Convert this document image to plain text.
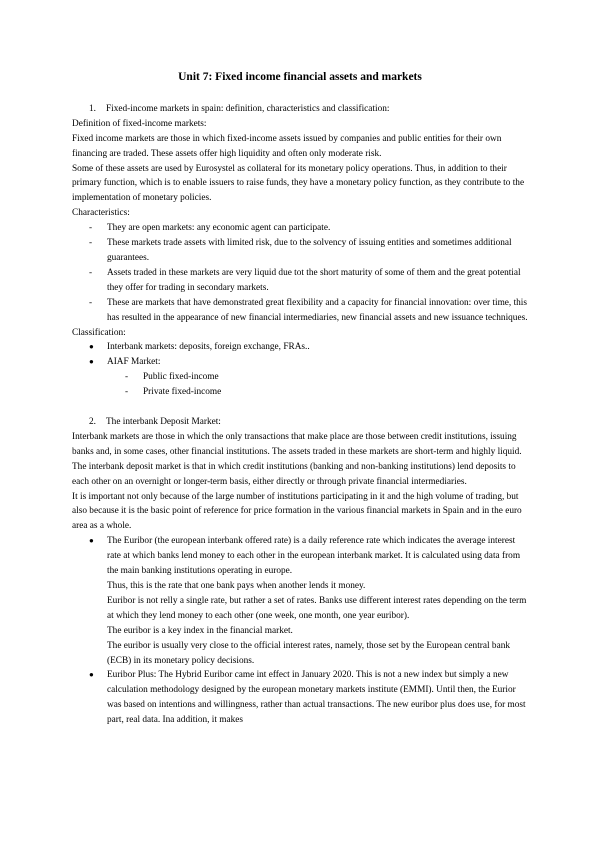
Unit 7: Fixed income financial assets and markets

1. Fixed-income markets in spain: definition, characteristics and classification:

Definition of fixed-income markets:

Fixed income markets are those in which fixed-income assets issued by companies and public entities for their own financing are traded. These assets offer high liquidity and often only moderate risk.

Some of these assets are used by Eurosystel as collateral for its monetary policy operations. Thus, in addition to their primary function, which is to enable issuers to raise funds, they have a monetary policy function, as they contribute to the implementation of monetary policies.

Characteristics:

- They are open markets: any economic agent can participate.
- These markets trade assets with limited risk, due to the solvency of issuing entities and sometimes additional guarantees.
- Assets traded in these markets are very liquid due tot the short maturity of some of them and the great potential they offer for trading in secondary markets.
- These are markets that have demonstrated great flexibility and a capacity for financial innovation: over time, this has resulted in the appearance of new financial intermediaries, new financial assets and new issuance techniques.

Classification:

● Interbank markets: deposits, foreign exchange, FRAs..
● AIAF Market:
- Public fixed-income
- Private fixed-income

2. The interbank Deposit Market:

Interbank markets are those in which the only transactions that make place are those between credit institutions, issuing banks and, in some cases, other financial institutions. The assets traded in these markets are short-term and highly liquid.

The interbank deposit market is that in which credit institutions (banking and non-banking institutions) lend deposits to each other on an overnight or longer-term basis, either directly or through private financial intermediaries.

It is important not only because of the large number of institutions participating in it and the high volume of trading, but also because it is the basic point of reference for price formation in the various financial markets in Spain and in the euro area as a whole.

● The Euribor (the european interbank offered rate) is a daily reference rate which indicates the average interest rate at which banks lend money to each other in the european interbank market. It is calculated using data from the main banking institutions operating in europe.

Thus, this is the rate that one bank pays when another lends it money.

Euribor is not relly a single rate, but rather a set of rates. Banks use different interest rates depending on the term at which they lend money to each other (one week, one month, one year euribor).

The euribor is a key index in the financial market.

The euribor is usually very close to the official interest rates, namely, those set by the European central bank (ECB) in its monetary policy decisions.

● Euribor Plus: The Hybrid Euribor came int effect in January 2020. This is not a new index but simply a new calculation methodology designed by the european monetary markets institute (EMMI). Until then, the Eurior was based on intentions and willingness, rather than actual transactions. The new euribor plus does use, for most part, real data. Ina addition, it makes
